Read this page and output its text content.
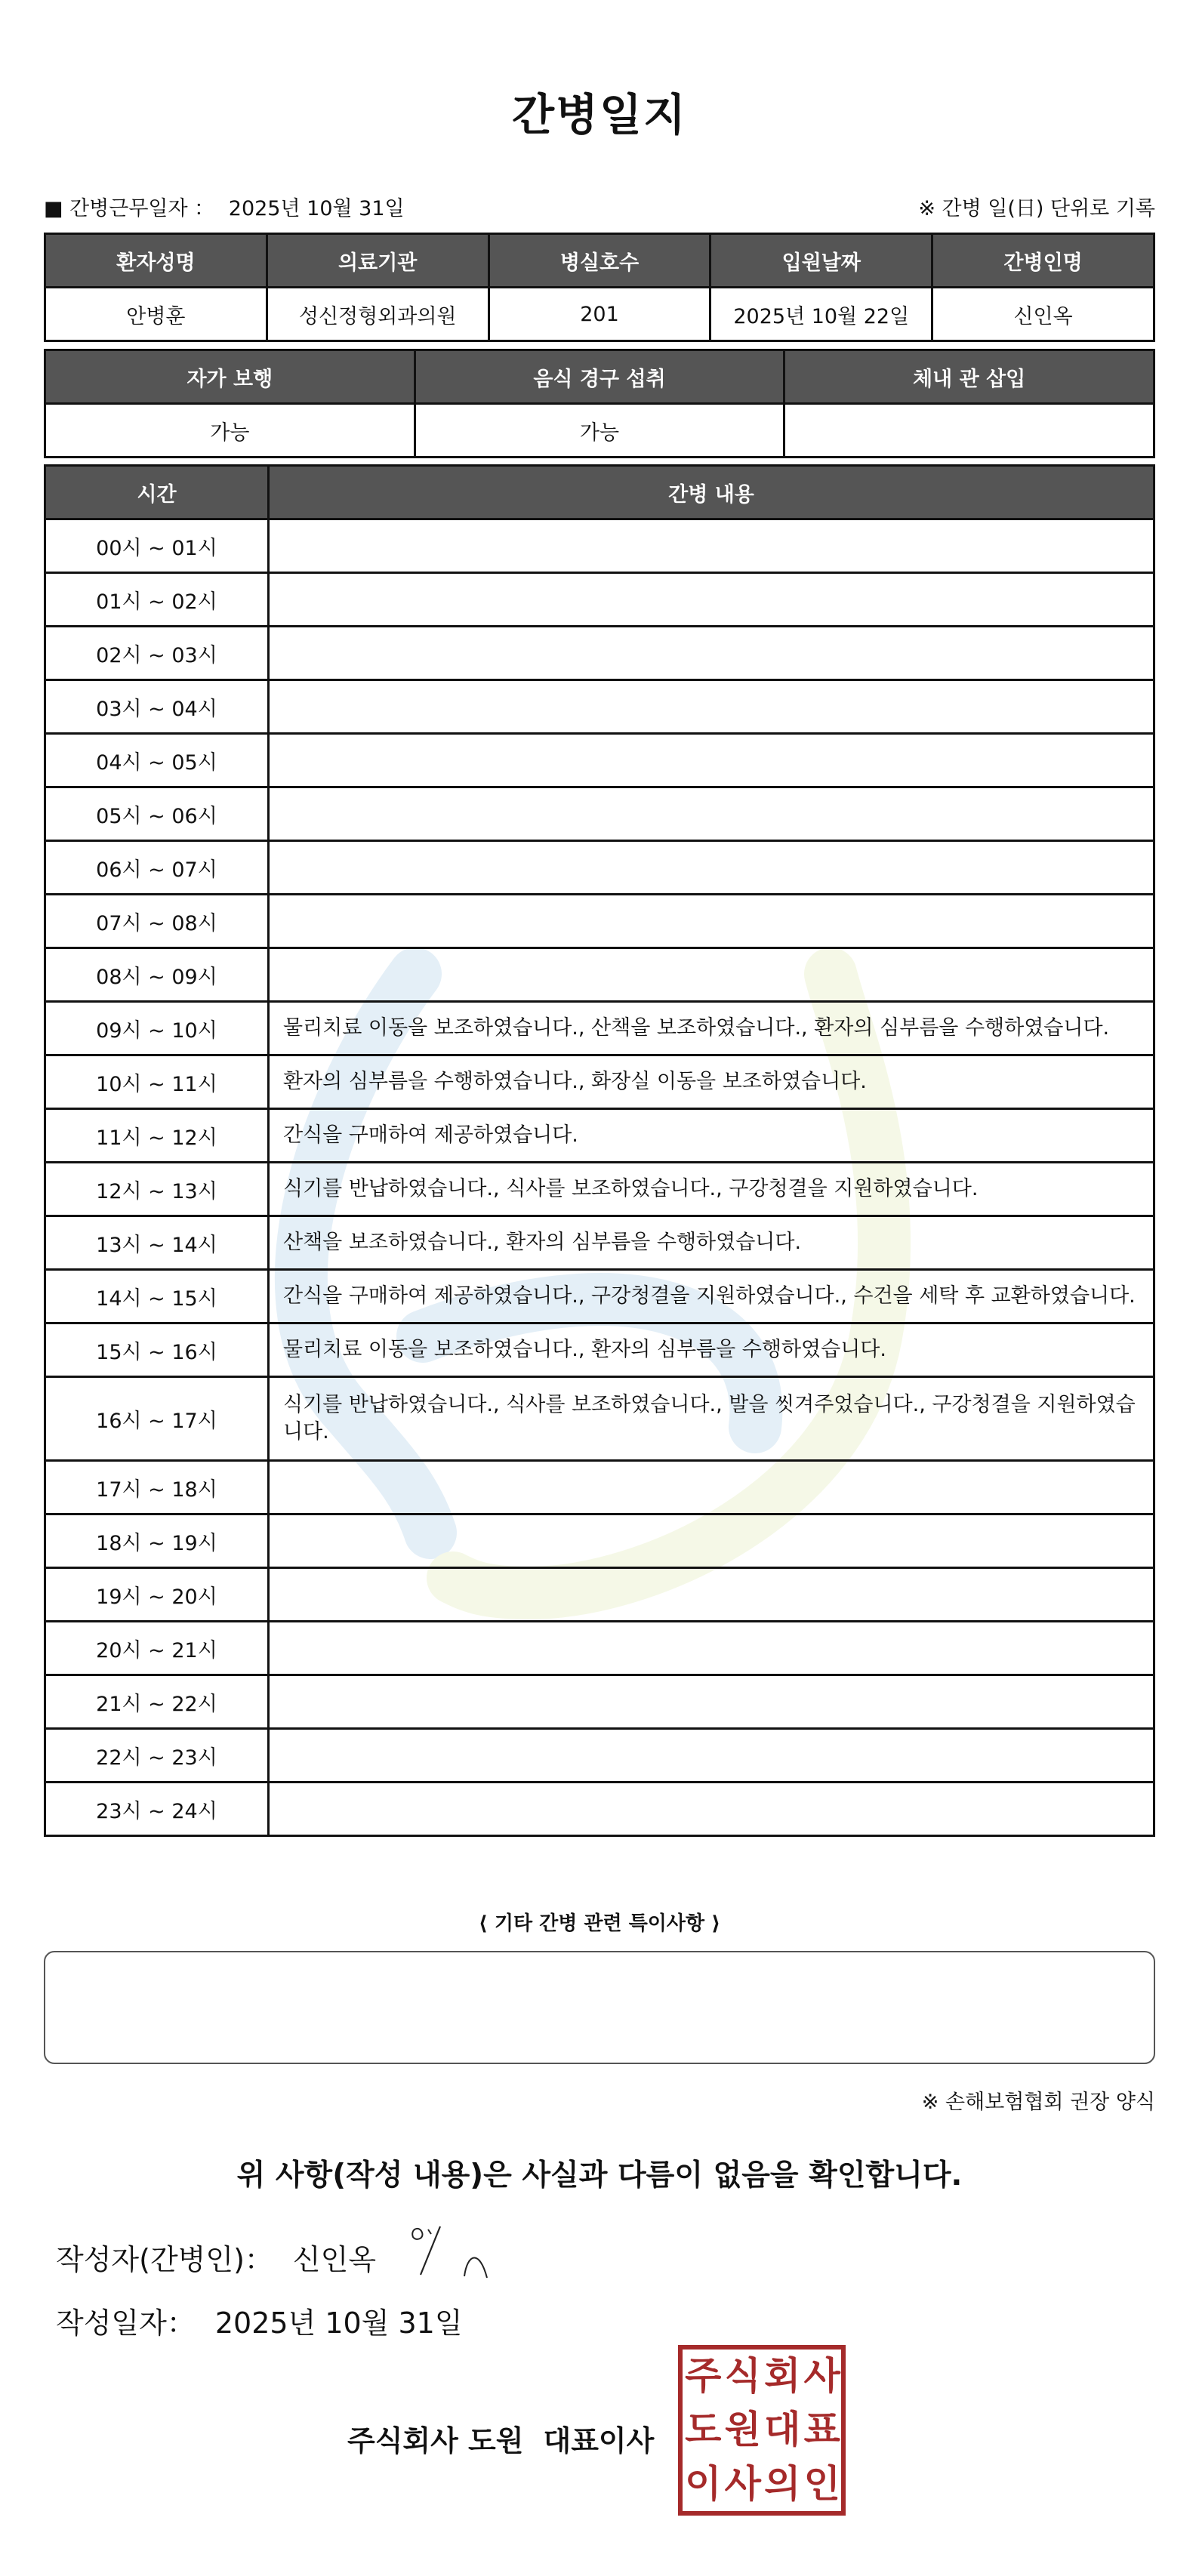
간병일지
■ 간병근무일자 ： 2025년 10월 31일	※ 간병 일(日) 단위로 기록
환자성명	의료기관	병실호수	입원날짜	간병인명
안병훈	성신정형외과의원	201	2025년 10월 22일	신인옥
자가 보행	음식 경구 섭취	체내 관 삽입
가능	가능	
시간	간병 내용
00시 ~ 01시	
01시 ~ 02시	
02시 ~ 03시	
03시 ~ 04시	
04시 ~ 05시	
05시 ~ 06시	
06시 ~ 07시	
07시 ~ 08시	
08시 ~ 09시	
09시 ~ 10시	물리치료 이동을 보조하였습니다., 산책을 보조하였습니다., 환자의 심부름을 수행하였습니다.
10시 ~ 11시	환자의 심부름을 수행하였습니다., 화장실 이동을 보조하였습니다.
11시 ~ 12시	간식을 구매하여 제공하였습니다.
12시 ~ 13시	식기를 반납하였습니다., 식사를 보조하였습니다., 구강청결을 지원하였습니다.
13시 ~ 14시	산책을 보조하였습니다., 환자의 심부름을 수행하였습니다.
14시 ~ 15시	간식을 구매하여 제공하였습니다., 구강청결을 지원하였습니다., 수건을 세탁 후 교환하였습니다.
15시 ~ 16시	물리치료 이동을 보조하였습니다., 환자의 심부름을 수행하였습니다.
16시 ~ 17시	식기를 반납하였습니다., 식사를 보조하였습니다., 발을 씻겨주었습니다., 구강청결을 지원하였습니다.
17시 ~ 18시	
18시 ~ 19시	
19시 ~ 20시	
20시 ~ 21시	
21시 ~ 22시	
22시 ~ 23시	
23시 ~ 24시	
⟨ 기타 간병 관련 특이사항 ⟩
※ 손해보험협회 권장 양식
위 사항(작성 내용)은 사실과 다름이 없음을 확인합니다.
작성자(간병인)： 신인옥
작성일자： 2025년 10월 31일
주식회사 도원 대표이사
주 식 회 사
도 원 대 표
이 사 의 인
